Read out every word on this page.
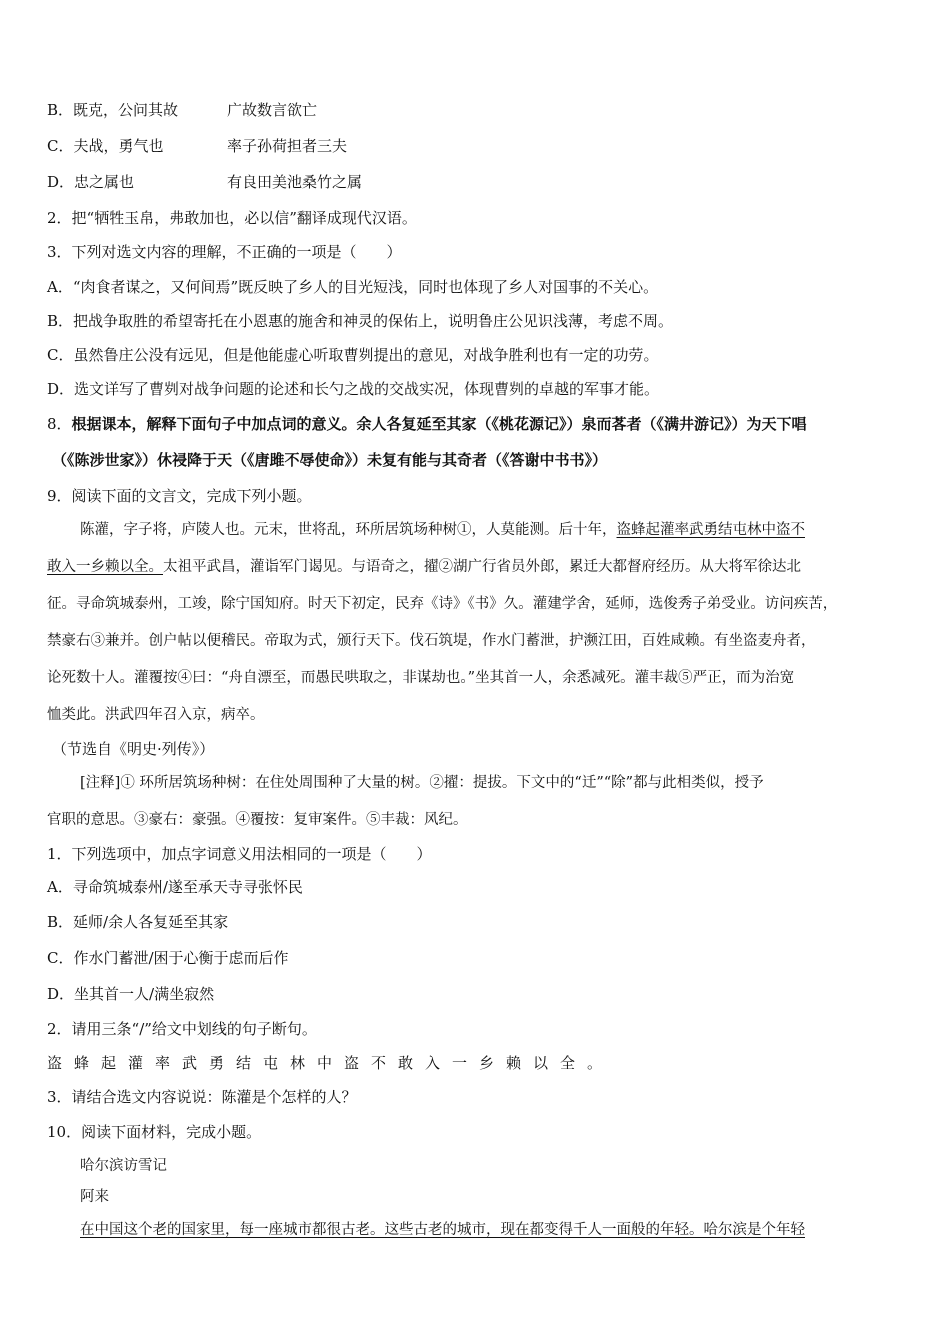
B．既克，公问其故	广故数言欲亡
C．夫战，勇气也	率子孙荷担者三夫
D．忠之属也	有良田美池桑竹之属
2．把“牺牲玉帛，弗敢加也，必以信”翻译成现代汉语。
3．下列对选文内容的理解，不正确的一项是（　　）
A．“肉食者谋之，又何间焉”既反映了乡人的目光短浅，同时也体现了乡人对国事的不关心。
B．把战争取胜的希望寄托在小恩惠的施舍和神灵的保佑上，说明鲁庄公见识浅薄，考虑不周。
C．虽然鲁庄公没有远见，但是他能虚心听取曹刿提出的意见，对战争胜利也有一定的功劳。
D．选文详写了曹刿对战争问题的论述和长勺之战的交战实况，体现曹刿的卓越的军事才能。
8．根据课本，解释下面句子中加点词的意义。余人各复延至其家（《桃花源记》）泉而茖者（《满井游记》）为天下唱
（《陈涉世家》）休祲降于天（《唐雎不辱使命》）未复有能与其奇者（《答谢中书书》）
9．阅读下面的文言文，完成下列小题。
陈灌，字子将，庐陵人也。元末，世将乱，环所居筑场种树①，人莫能测。后十年，盗蜂起灌率武勇结屯林中盗不
敢入一乡赖以全。太祖平武昌，灌诣军门谒见。与语奇之，擢②湖广行省员外郎，累迁大都督府经历。从大将军徐达北
征。寻命筑城泰州，工竣，除宁国知府。时天下初定，民弃《诗》《书》久。灌建学舍，延师，选俊秀子弟受业。访问疾苦，
禁豪右③兼并。创户帖以便稽民。帝取为式，颁行天下。伐石筑堤，作水门蓄泄，护濒江田，百姓咸赖。有坐盗麦舟者，
论死数十人。灌覆按④曰：“舟自漂至，而愚民哄取之，非谋劫也。”坐其首一人，余悉减死。灌丰裁⑤严正，而为治宽
恤类此。洪武四年召入京，病卒。
（节选自《明史·列传》）
[注释]① 环所居筑场种树：在住处周围种了大量的树。②擢：提拔。下文中的“迁”“除”都与此相类似，授予
官职的意思。③豪右：豪强。④覆按：复审案件。⑤丰裁：风纪。
1．下列选项中，加点字词意义用法相同的一项是（　　）
A．寻命筑城泰州/遂至承天寺寻张怀民
B．延师/余人各复延至其家
C．作水门蓄泄/困于心衡于虑而后作
D．坐其首一人/满坐寂然
2．请用三条“/”给文中划线的句子断句。
盗蜂起灌率武勇结屯林中盗不敢入一乡赖以全。
3．请结合选文内容说说：陈灌是个怎样的人？
10．阅读下面材料，完成小题。
哈尔滨访雪记
阿来
在中国这个老的国家里，每一座城市都很古老。这些古老的城市，现在都变得千人一面般的年轻。哈尔滨是个年轻
